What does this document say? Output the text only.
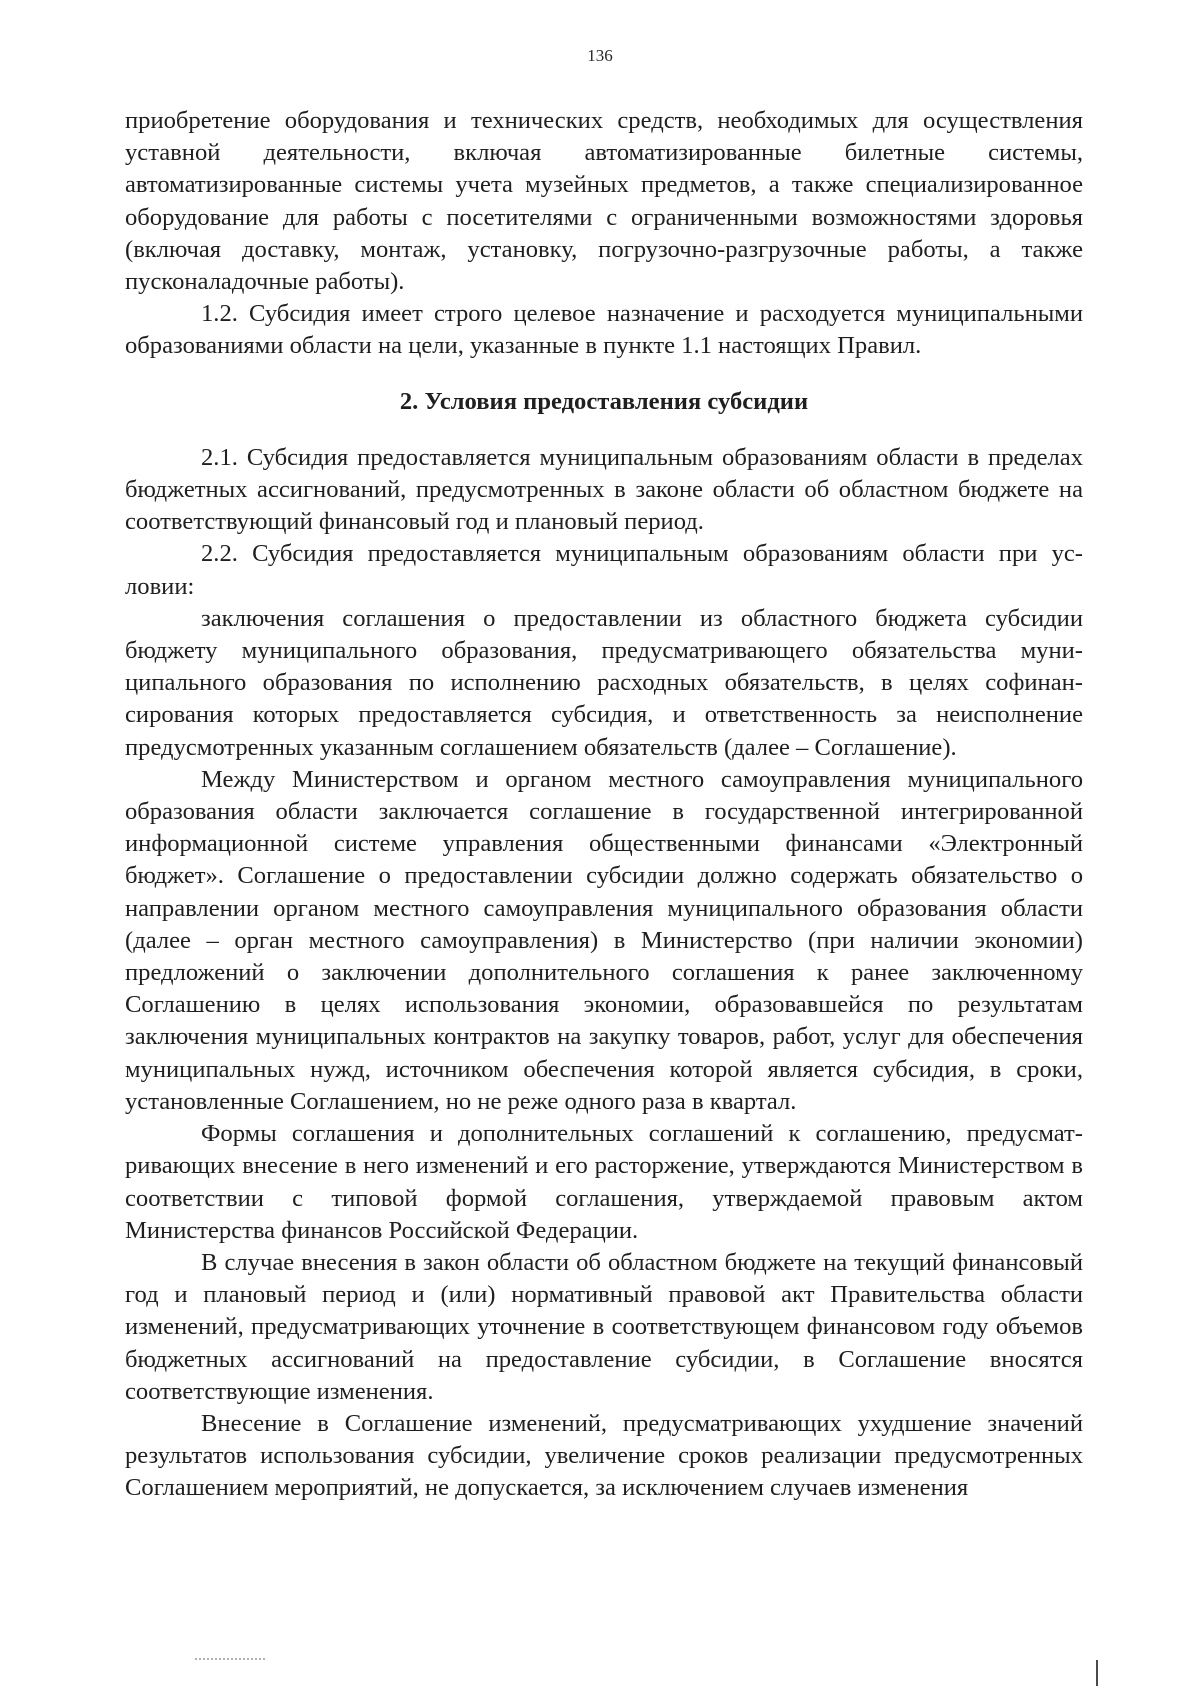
136

приобретение оборудования и технических средств, необходимых для осуществления уставной деятельности, включая автоматизированные билетные системы, автоматизированные системы учета музейных предметов, а также специализированное оборудование для работы с посетителями с ограниченными возможностями здоровья (включая доставку, монтаж, установку, погрузочно-разгрузочные работы, а также пусконаладочные работы).

1.2. Субсидия имеет строго целевое назначение и расходуется муниципальными образованиями области на цели, указанные в пункте 1.1 настоящих Правил.

2. Условия предоставления субсидии

2.1. Субсидия предоставляется муниципальным образованиям области в пределах бюджетных ассигнований, предусмотренных в законе области об областном бюджете на соответствующий финансовый год и плановый период.

2.2. Субсидия предоставляется муниципальным образованиям области при условии:

заключения соглашения о предоставлении из областного бюджета субсидии бюджету муниципального образования, предусматривающего обязательства муниципального образования по исполнению расходных обязательств, в целях софинансирования которых предоставляется субсидия, и ответственность за неисполнение предусмотренных указанным соглашением обязательств (далее – Соглашение).

Между Министерством и органом местного самоуправления муниципального образования области заключается соглашение в государственной интегрированной информационной системе управления общественными финансами «Электронный бюджет». Соглашение о предоставлении субсидии должно содержать обязательство о направлении органом местного самоуправления муниципального образования области (далее – орган местного самоуправления) в Министерство (при наличии экономии) предложений о заключении дополнительного соглашения к ранее заключенному Соглашению в целях использования экономии, образовавшейся по результатам заключения муниципальных контрактов на закупку товаров, работ, услуг для обеспечения муниципальных нужд, источником обеспечения которой является субсидия, в сроки, установленные Соглашением, но не реже одного раза в квартал.

Формы соглашения и дополнительных соглашений к соглашению, предусматривающих внесение в него изменений и его расторжение, утверждаются Министерством в соответствии с типовой формой соглашения, утверждаемой правовым актом Министерства финансов Российской Федерации.

В случае внесения в закон области об областном бюджете на текущий финансовый год и плановый период и (или) нормативный правовой акт Правительства области изменений, предусматривающих уточнение в соответствующем финансовом году объемов бюджетных ассигнований на предоставление субсидии, в Соглашение вносятся соответствующие изменения.

Внесение в Соглашение изменений, предусматривающих ухудшение значений результатов использования субсидии, увеличение сроков реализации предусмотренных Соглашением мероприятий, не допускается, за исключением случаев изменения
